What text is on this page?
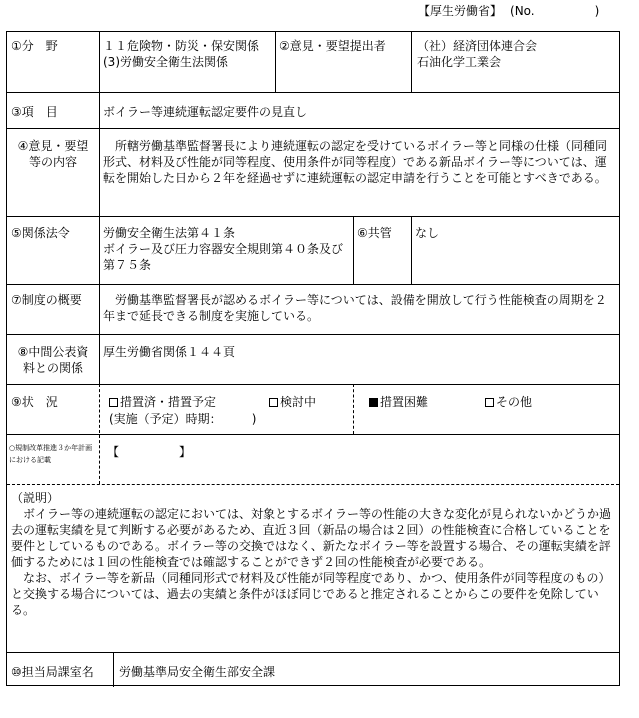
【厚生労働省】 (No.	)
①分　野	１１危険物・防災・保安関係
(3)労働安全衛生法関係
②意見・要望提出者	（社）経済団体連合会
石油化学工業会
③項　目	ボイラー等連続運転認定要件の見直し
④意見・要望
等の内容
所轄労働基準監督署長により連続運転の認定を受けているボイラー等と同様の仕様（同種同形式、材料及び性能が同等程度、使用条件が同等程度）である新品ボイラー等については、運転を開始した日から２年を経過せずに連続運転の認定申請を行うことを可能とすべきである。
⑤関係法令	労働安全衛生法第４１条
ボイラー及び圧力容器安全規則第４０条及び第７５条
⑥共管	なし
⑦制度の概要	労働基準監督署長が認めるボイラー等については、設備を開放して行う性能検査の周期を２年まで延長できる制度を実施している。
⑧中間公表資
料との関係
厚生労働省関係１４４頁
⑨状　況	措置済・措置予定	検討中	措置困難	その他
(実施（予定）時期：	)
○規制改革推進３か年計画における記載
【　　　　　】
（説明）
ボイラー等の連続運転の認定においては、対象とするボイラー等の性能の大きな変化が見られないかどうか過去の運転実績を見て判断する必要があるため、直近３回（新品の場合は２回）の性能検査に合格していることを要件としているものである。ボイラー等の交換ではなく、新たなボイラー等を設置する場合、その運転実績を評価するためには１回の性能検査では確認することができず２回の性能検査が必要である。
なお、ボイラー等を新品（同種同形式で材料及び性能が同等程度であり、かつ、使用条件が同等程度のもの）と交換する場合については、過去の実績と条件がほぼ同じであると推定されることからこの要件を免除している。
⑩担当局課室名	労働基準局安全衛生部安全課
